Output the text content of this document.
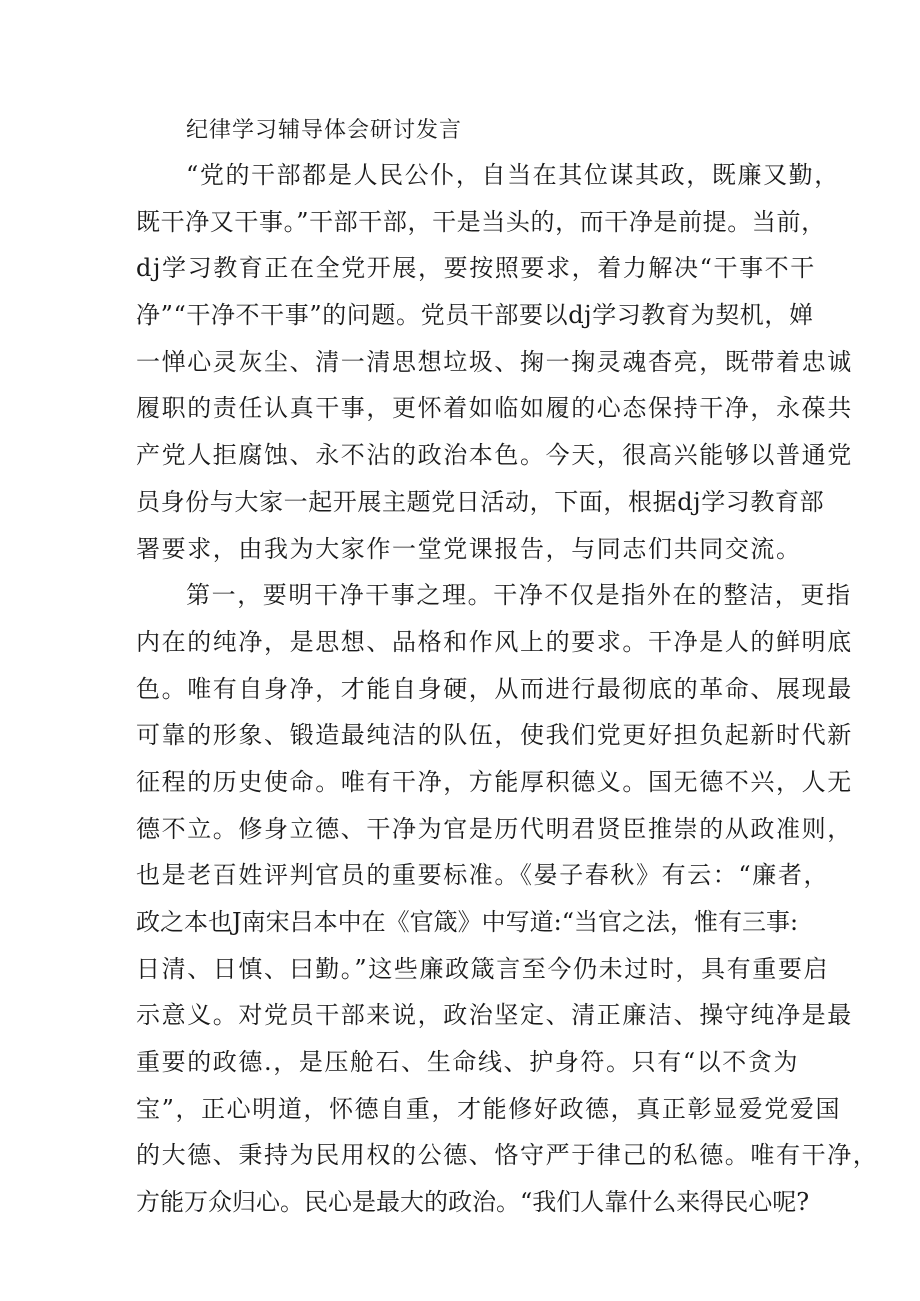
纪律学习辅导体会研讨发言
“党的干部都是人民公仆，自当在其位谋其政，既廉又勤，
既干净又干事。”干部干部，干是当头的，而干净是前提。当前，
dj学习教育正在全党开展，要按照要求，着力解决“干事不干
净”“干净不干事”的问题。党员干部要以dj学习教育为契机，婵
一惮心灵灰尘、清一清思想垃圾、掬一掬灵魂杳亮，既带着忠诚
履职的责任认真干事，更怀着如临如履的心态保持干净，永葆共
产党人拒腐蚀、永不沾的政治本色。今天，很高兴能够以普通党
员身份与大家一起开展主题党日活动，下面，根据dj学习教育部
署要求，由我为大家作一堂党课报告，与同志们共同交流。
第一，要明干净干事之理。干净不仅是指外在的整洁，更指
内在的纯净，是思想、品格和作风上的要求。干净是人的鲜明底
色。唯有自身净，才能自身硬，从而进行最彻底的革命、展现最
可靠的形象、锻造最纯洁的队伍，使我们党更好担负起新时代新
征程的历史使命。唯有干净，方能厚积德义。国无德不兴，人无
德不立。修身立德、干净为官是历代明君贤臣推崇的从政准则，
也是老百姓评判官员的重要标准。《晏子春秋》有云：“廉者，
政之本也J南宋吕本中在《官箴》中写道:“当官之法，惟有三事:
日清、日慎、曰勤。”这些廉政箴言至今仍未过时，具有重要启
示意义。对党员干部来说，政治坚定、清正廉洁、操守纯净是最
重要的政德.，是压舱石、生命线、护身符。只有“以不贪为
宝”，正心明道，怀德自重，才能修好政德，真正彰显爱党爱国
的大德、秉持为民用权的公德、恪守严于律己的私德。唯有干净，
方能万众归心。民心是最大的政治。“我们人靠什么来得民心呢?
